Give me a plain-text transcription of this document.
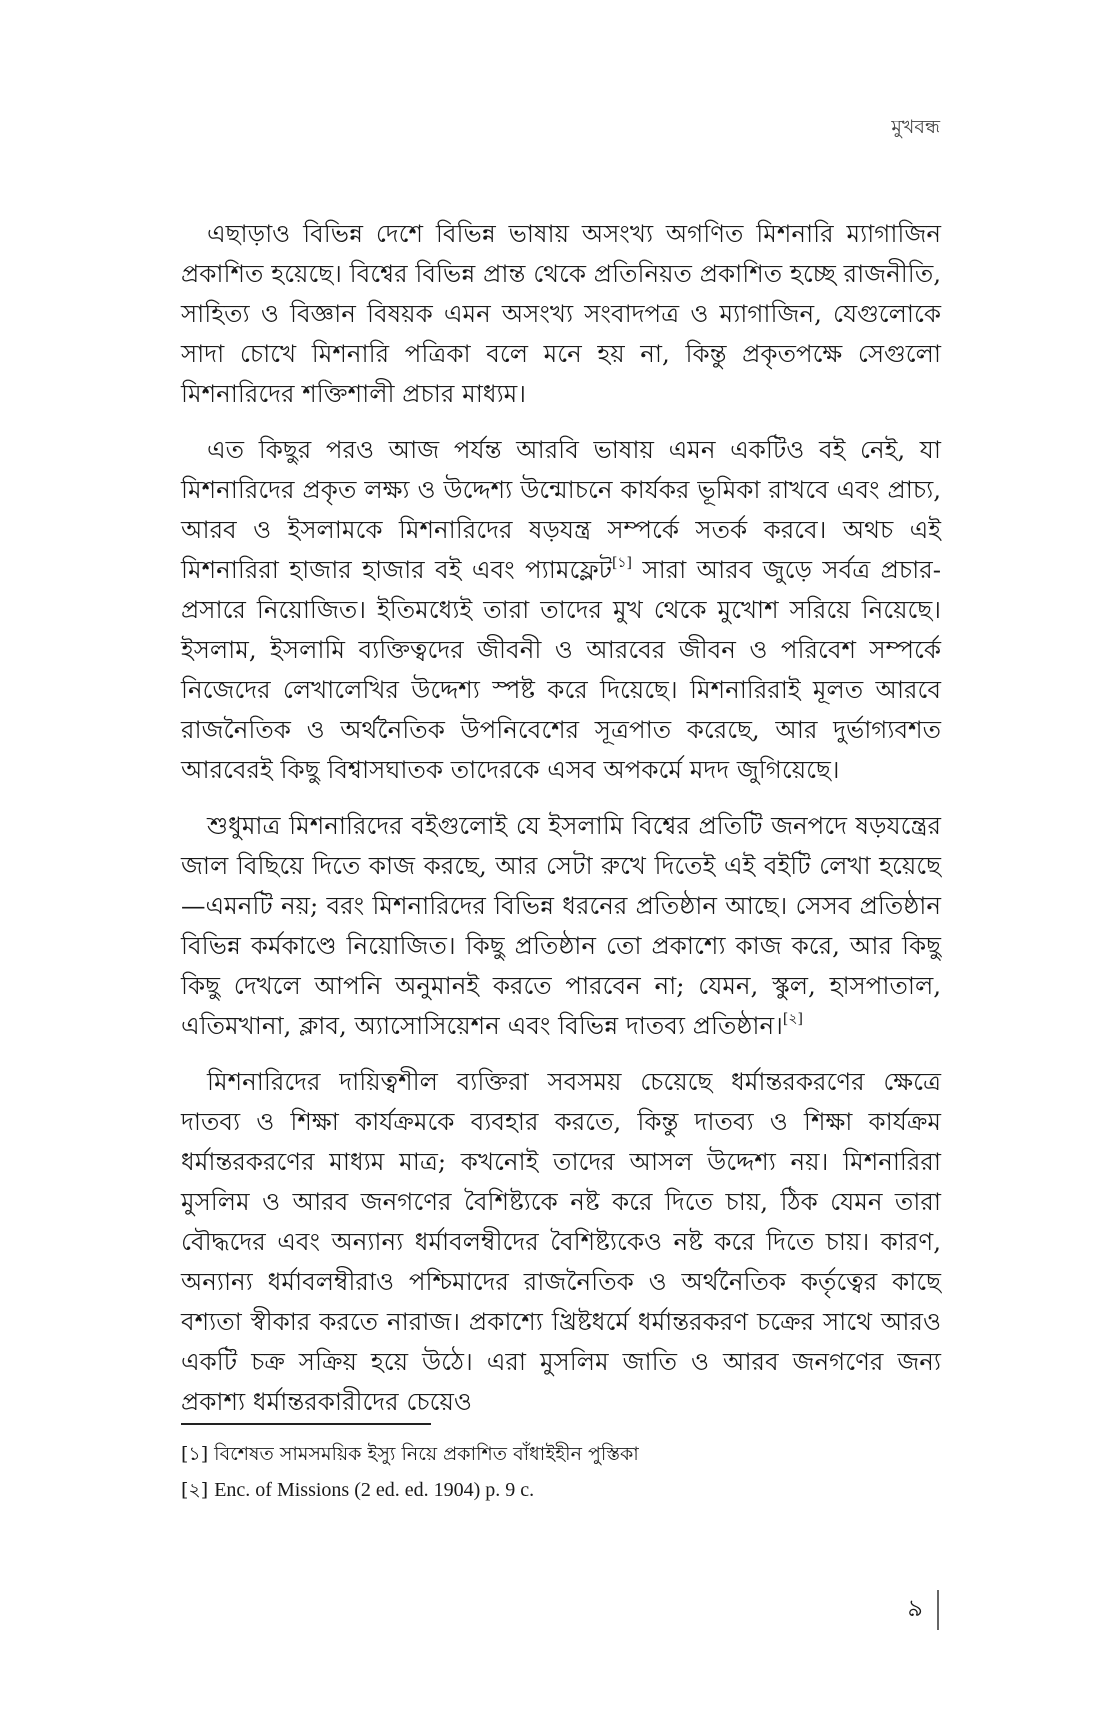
মুখবন্ধ

এছাড়াও বিভিন্ন দেশে বিভিন্ন ভাষায় অসংখ্য অগণিত মিশনারি ম্যাগাজিন প্রকাশিত হয়েছে। বিশ্বের বিভিন্ন প্রান্ত থেকে প্রতিনিয়ত প্রকাশিত হচ্ছে রাজনীতি, সাহিত্য ও বিজ্ঞান বিষয়ক এমন অসংখ্য সংবাদপত্র ও ম্যাগাজিন, যেগুলোকে সাদা চোখে মিশনারি পত্রিকা বলে মনে হয় না, কিন্তু প্রকৃতপক্ষে সেগুলো মিশনারিদের শক্তিশালী প্রচার মাধ্যম।

এত কিছুর পরও আজ পর্যন্ত আরবি ভাষায় এমন একটিও বই নেই, যা মিশনারিদের প্রকৃত লক্ষ্য ও উদ্দেশ্য উন্মোচনে কার্যকর ভূমিকা রাখবে এবং প্রাচ্য, আরব ও ইসলামকে মিশনারিদের ষড়যন্ত্র সম্পর্কে সতর্ক করবে। অথচ এই মিশনারিরা হাজার হাজার বই এবং প্যামফ্লেট[১] সারা আরব জুড়ে সর্বত্র প্রচার-প্রসারে নিয়োজিত। ইতিমধ্যেই তারা তাদের মুখ থেকে মুখোশ সরিয়ে নিয়েছে। ইসলাম, ইসলামি ব্যক্তিত্বদের জীবনী ও আরবের জীবন ও পরিবেশ সম্পর্কে নিজেদের লেখালেখির উদ্দেশ্য স্পষ্ট করে দিয়েছে। মিশনারিরাই মূলত আরবে রাজনৈতিক ও অর্থনৈতিক উপনিবেশের সূত্রপাত করেছে, আর দুর্ভাগ্যবশত আরবেরই কিছু বিশ্বাসঘাতক তাদেরকে এসব অপকর্মে মদদ জুগিয়েছে।

শুধুমাত্র মিশনারিদের বইগুলোই যে ইসলামি বিশ্বের প্রতিটি জনপদে ষড়যন্ত্রের জাল বিছিয়ে দিতে কাজ করছে, আর সেটা রুখে দিতেই এই বইটি লেখা হয়েছে—এমনটি নয়; বরং মিশনারিদের বিভিন্ন ধরনের প্রতিষ্ঠান আছে। সেসব প্রতিষ্ঠান বিভিন্ন কর্মকাণ্ডে নিয়োজিত। কিছু প্রতিষ্ঠান তো প্রকাশ্যে কাজ করে, আর কিছু কিছু দেখলে আপনি অনুমানই করতে পারবেন না; যেমন, স্কুল, হাসপাতাল, এতিমখানা, ক্লাব, অ্যাসোসিয়েশন এবং বিভিন্ন দাতব্য প্রতিষ্ঠান।[২]

মিশনারিদের দায়িত্বশীল ব্যক্তিরা সবসময় চেয়েছে ধর্মান্তরকরণের ক্ষেত্রে দাতব্য ও শিক্ষা কার্যক্রমকে ব্যবহার করতে, কিন্তু দাতব্য ও শিক্ষা কার্যক্রম ধর্মান্তরকরণের মাধ্যম মাত্র; কখনোই তাদের আসল উদ্দেশ্য নয়। মিশনারিরা মুসলিম ও আরব জনগণের বৈশিষ্ট্যকে নষ্ট করে দিতে চায়, ঠিক যেমন তারা বৌদ্ধদের এবং অন্যান্য ধর্মাবলম্বীদের বৈশিষ্ট্যকেও নষ্ট করে দিতে চায়। কারণ, অন্যান্য ধর্মাবলম্বীরাও পশ্চিমাদের রাজনৈতিক ও অর্থনৈতিক কর্তৃত্বের কাছে বশ্যতা স্বীকার করতে নারাজ। প্রকাশ্যে খ্রিষ্টধর্মে ধর্মান্তরকরণ চক্রের সাথে আরও একটি চক্র সক্রিয় হয়ে উঠে। এরা মুসলিম জাতি ও আরব জনগণের জন্য প্রকাশ্য ধর্মান্তরকারীদের চেয়েও

[১] বিশেষত সামসময়িক ইস্যু নিয়ে প্রকাশিত বাঁধাইহীন পুস্তিকা
[২] Enc. of Missions (2 ed. ed. 1904) p. 9 c.
৯
